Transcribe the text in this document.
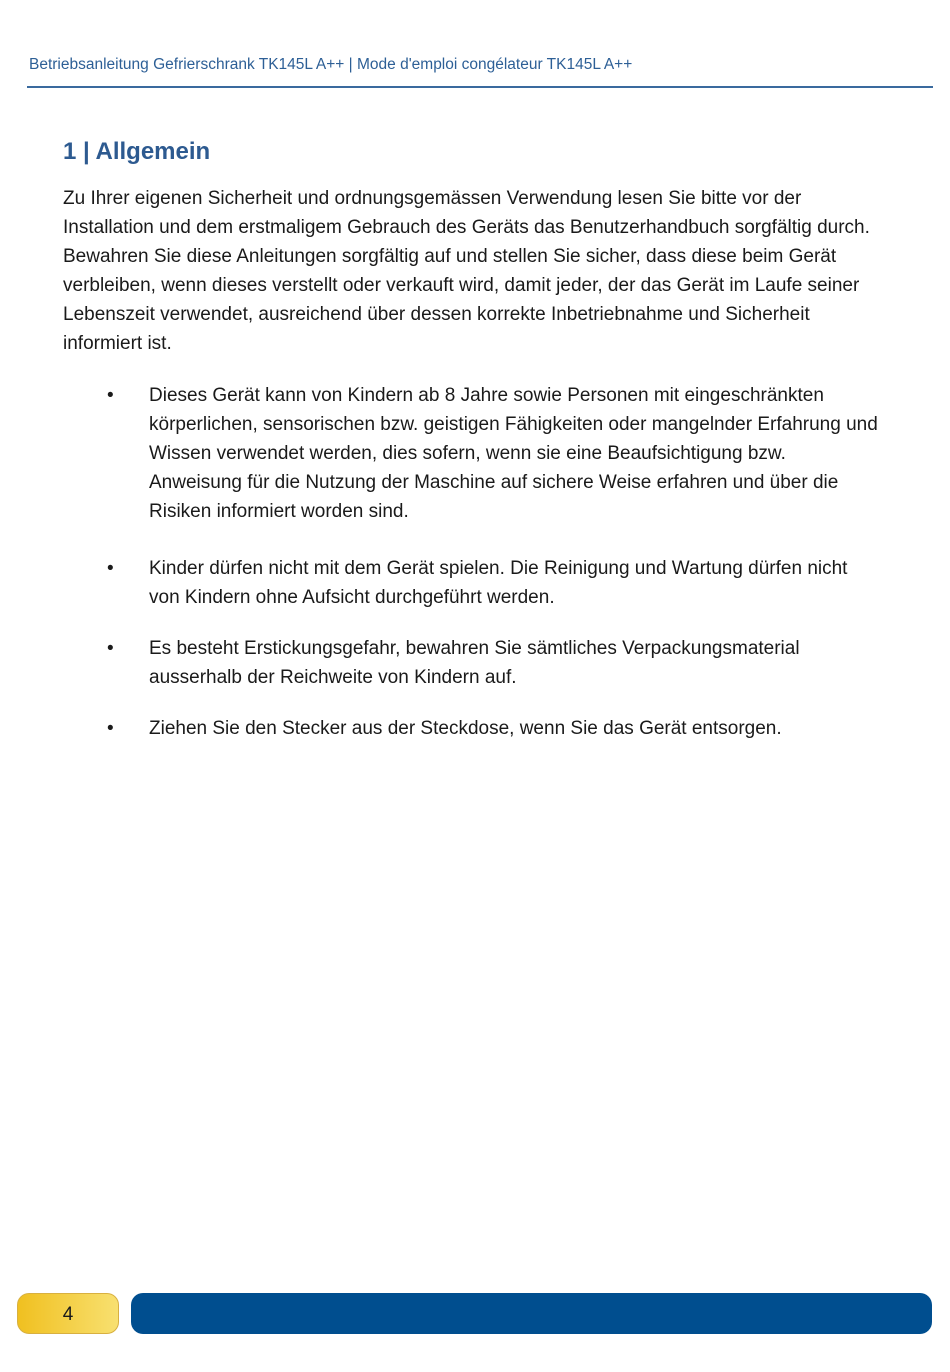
Betriebsanleitung Gefrierschrank TK145L A++ | Mode d'emploi congélateur TK145L A++
1 | Allgemein
Zu Ihrer eigenen Sicherheit und ordnungsgemässen Verwendung lesen Sie bitte vor der
Installation und dem erstmaligem Gebrauch des Geräts das Benutzerhandbuch sorgfältig durch.
Bewahren Sie diese Anleitungen sorgfältig auf und stellen Sie sicher, dass diese beim Gerät
verbleiben, wenn dieses verstellt oder verkauft wird, damit jeder, der das Gerät im Laufe seiner
Lebenszeit verwendet, ausreichend über dessen korrekte Inbetriebnahme und Sicherheit
informiert ist.
•	Dieses Gerät kann von Kindern ab 8 Jahre sowie Personen mit eingeschränkten
körperlichen, sensorischen bzw. geistigen Fähigkeiten oder mangelnder Erfahrung und
Wissen verwendet werden, dies sofern, wenn sie eine Beaufsichtigung bzw.
Anweisung für die Nutzung der Maschine auf sichere Weise erfahren und über die
Risiken informiert worden sind.
•	Kinder dürfen nicht mit dem Gerät spielen. Die Reinigung und Wartung dürfen nicht
von Kindern ohne Aufsicht durchgeführt werden.
•	Es besteht Erstickungsgefahr, bewahren Sie sämtliches Verpackungsmaterial
ausserhalb der Reichweite von Kindern auf.
•	Ziehen Sie den Stecker aus der Steckdose, wenn Sie das Gerät entsorgen.
4
